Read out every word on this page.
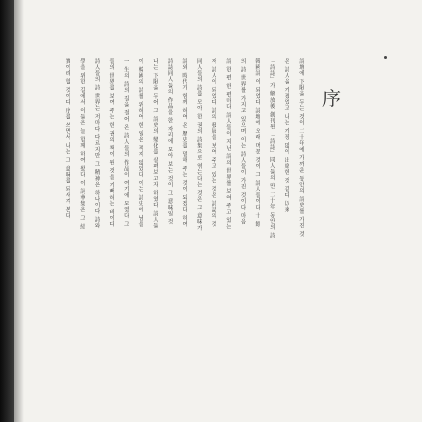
序
詩壇에 下限을 두는 것이 二十年에 가까운 동안의 詩史를 가진 것
은 詩人을 가졌었고 나는 가장 많이 出席한 것 같다 以來
「詩誌」가 解放後 創刊된 「詩誌」同人들의 만 二十年 동안의 詩
韓國詩 이 되었다 詩壇에 오래 머문 것이 그 詩人들이다 十 餘
의 詩 世界를 가지고 있으며 이는 詩人들이 가진 것이다 마음
詩 한 편 한 편마다 詩人들이 지닌 詩의 世界를 보여 주고 있는
저 詩人이 되었다 詩의 發展을 보여 주고 있는 것은 詩誌의 것
同人들의 詩를 모아 한 권의 詩集으로 엮는다는 것은 그 意味가
詩와 時代가 함께 하여 온 歷史를 말해 주는 것이 되겠다 하여
詩誌同人들의 作品을 한 자리에 모아 보는 것이 그 意味일 것
나는 下限을 두어 그 詩史의 變化를 살펴보고자 하였다 詩人들
이 韓國의 詩를 위하여 한 일은 적지 않았다 이는 詩史에 남을
一 生의 詩의 길을 걸어 온 詩人들의 作品이 여기에 모였다 그
들의 世界를 보여 주는 한 권의 책이 된 것을 기뻐하는 바이다
詩人들의 詩 世界는 저마다 다르지만 그 精神은 하나이다 詩와
學을 위한 길에서 이들은 늘 함께 하여 왔다 이 詞華集은 그 結
實이라 할 것이다 序를 쓰면서 나는 그 意味를 되새겨 본다
